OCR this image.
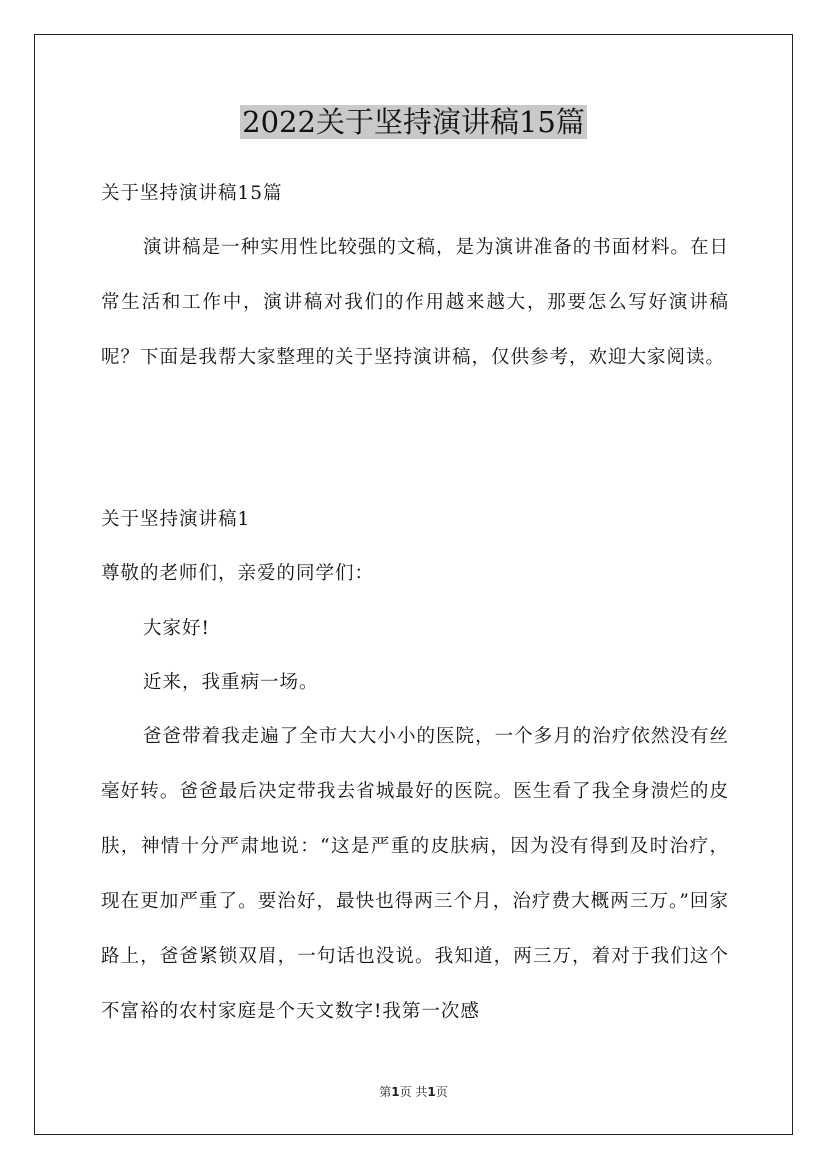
2022关于坚持演讲稿15篇

关于坚持演讲稿15篇

演讲稿是一种实用性比较强的文稿，是为演讲准备的书面材料。在日常生活和工作中，演讲稿对我们的作用越来越大，那要怎么写好演讲稿呢？下面是我帮大家整理的关于坚持演讲稿，仅供参考，欢迎大家阅读。

关于坚持演讲稿1

尊敬的老师们，亲爱的同学们：

大家好!

近来，我重病一场。

爸爸带着我走遍了全市大大小小的医院，一个多月的治疗依然没有丝毫好转。爸爸最后决定带我去省城最好的医院。医生看了我全身溃烂的皮肤，神情十分严肃地说：“这是严重的皮肤病，因为没有得到及时治疗，现在更加严重了。要治好，最快也得两三个月，治疗费大概两三万。”回家路上，爸爸紧锁双眉，一句话也没说。我知道，两三万，着对于我们这个不富裕的农村家庭是个天文数字!我第一次感

第1页 共1页
